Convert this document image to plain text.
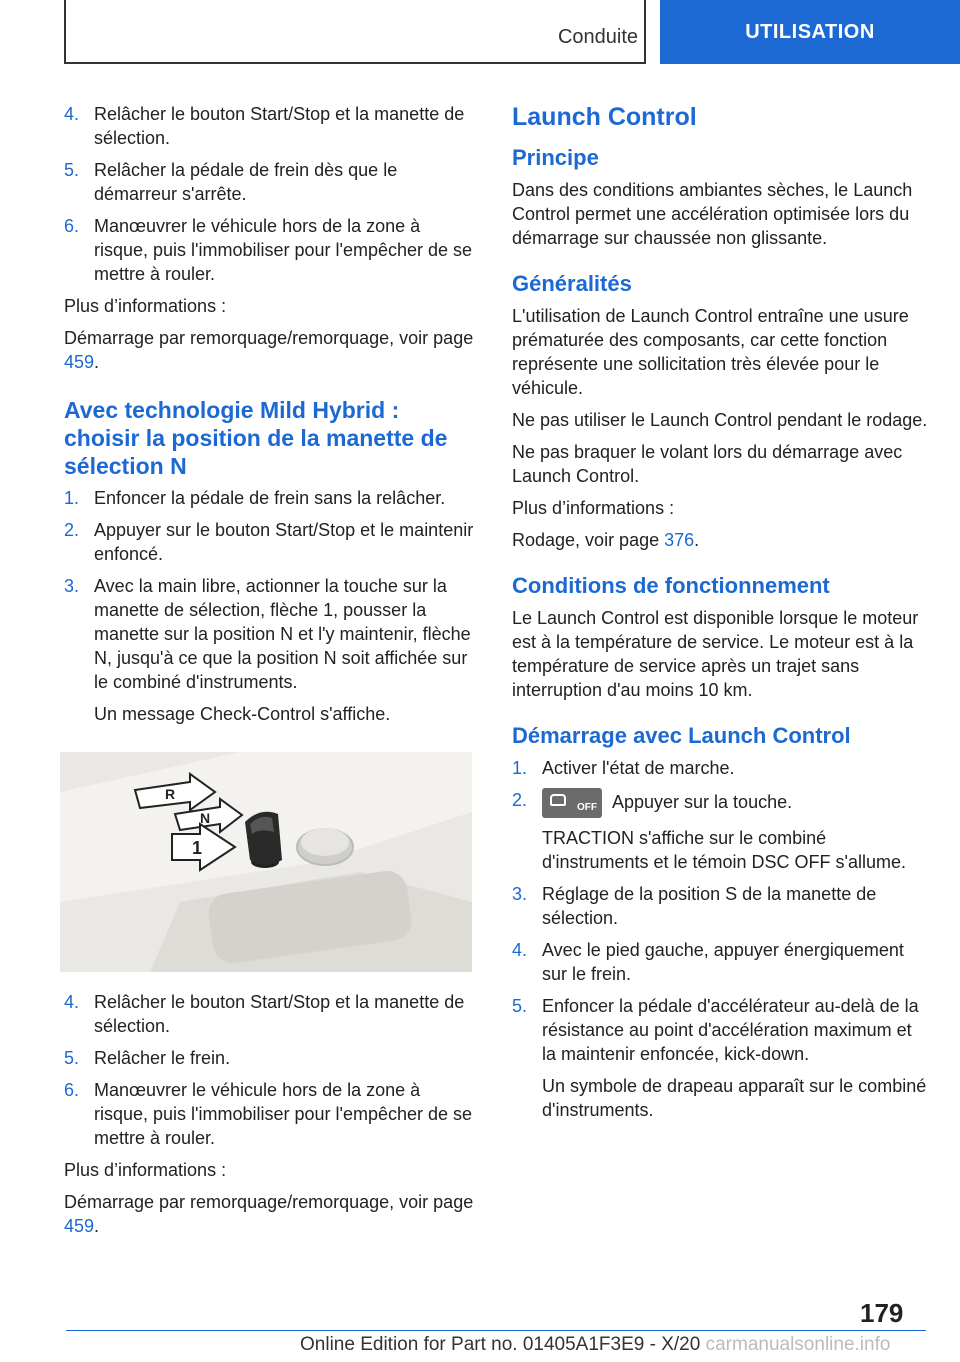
Conduite	UTILISATION
4. Relâcher le bouton Start/Stop et la manette de sélection.
5. Relâcher la pédale de frein dès que le démarreur s'arrête.
6. Manœuvrer le véhicule hors de la zone à risque, puis l'immobiliser pour l'empêcher de se mettre à rouler.
Plus d’informations :
Démarrage par remorquage/remorquage, voir page 459.
Avec technologie Mild Hybrid : choisir la position de la manette de sélection N
1. Enfoncer la pédale de frein sans la relâcher.
2. Appuyer sur le bouton Start/Stop et le maintenir enfoncé.
3. Avec la main libre, actionner la touche sur la manette de sélection, flèche 1, pousser la manette sur la position N et l'y maintenir, flèche N, jusqu'à ce que la position N soit affichée sur le combiné d'instruments.
Un message Check-Control s'affiche.
R
N
1
4. Relâcher le bouton Start/Stop et la manette de sélection.
5. Relâcher le frein.
6. Manœuvrer le véhicule hors de la zone à risque, puis l'immobiliser pour l'empêcher de se mettre à rouler.
Plus d’informations :
Démarrage par remorquage/remorquage, voir page 459.
Launch Control
Principe
Dans des conditions ambiantes sèches, le Launch Control permet une accélération optimisée lors du démarrage sur chaussée non glissante.
Généralités
L'utilisation de Launch Control entraîne une usure prématurée des composants, car cette fonction représente une sollicitation très élevée pour le véhicule.
Ne pas utiliser le Launch Control pendant le rodage.
Ne pas braquer le volant lors du démarrage avec Launch Control.
Plus d’informations :
Rodage, voir page 376.
Conditions de fonctionnement
Le Launch Control est disponible lorsque le moteur est à la température de service. Le moteur est à la température de service après un trajet sans interruption d'au moins 10 km.
Démarrage avec Launch Control
1. Activer l'état de marche.
2.	OFF Appuyer sur la touche.
TRACTION s'affiche sur le combiné d'instruments et le témoin DSC OFF s'allume.
3. Réglage de la position S de la manette de sélection.
4. Avec le pied gauche, appuyer énergiquement sur le frein.
5. Enfoncer la pédale d'accélérateur au-delà de la résistance au point d'accélération maximum et la maintenir enfoncée, kick-down.
Un symbole de drapeau apparaît sur le combiné d'instruments.
179
Online Edition for Part no. 01405A1F3E9 - X/20 carmanualsonline.info
